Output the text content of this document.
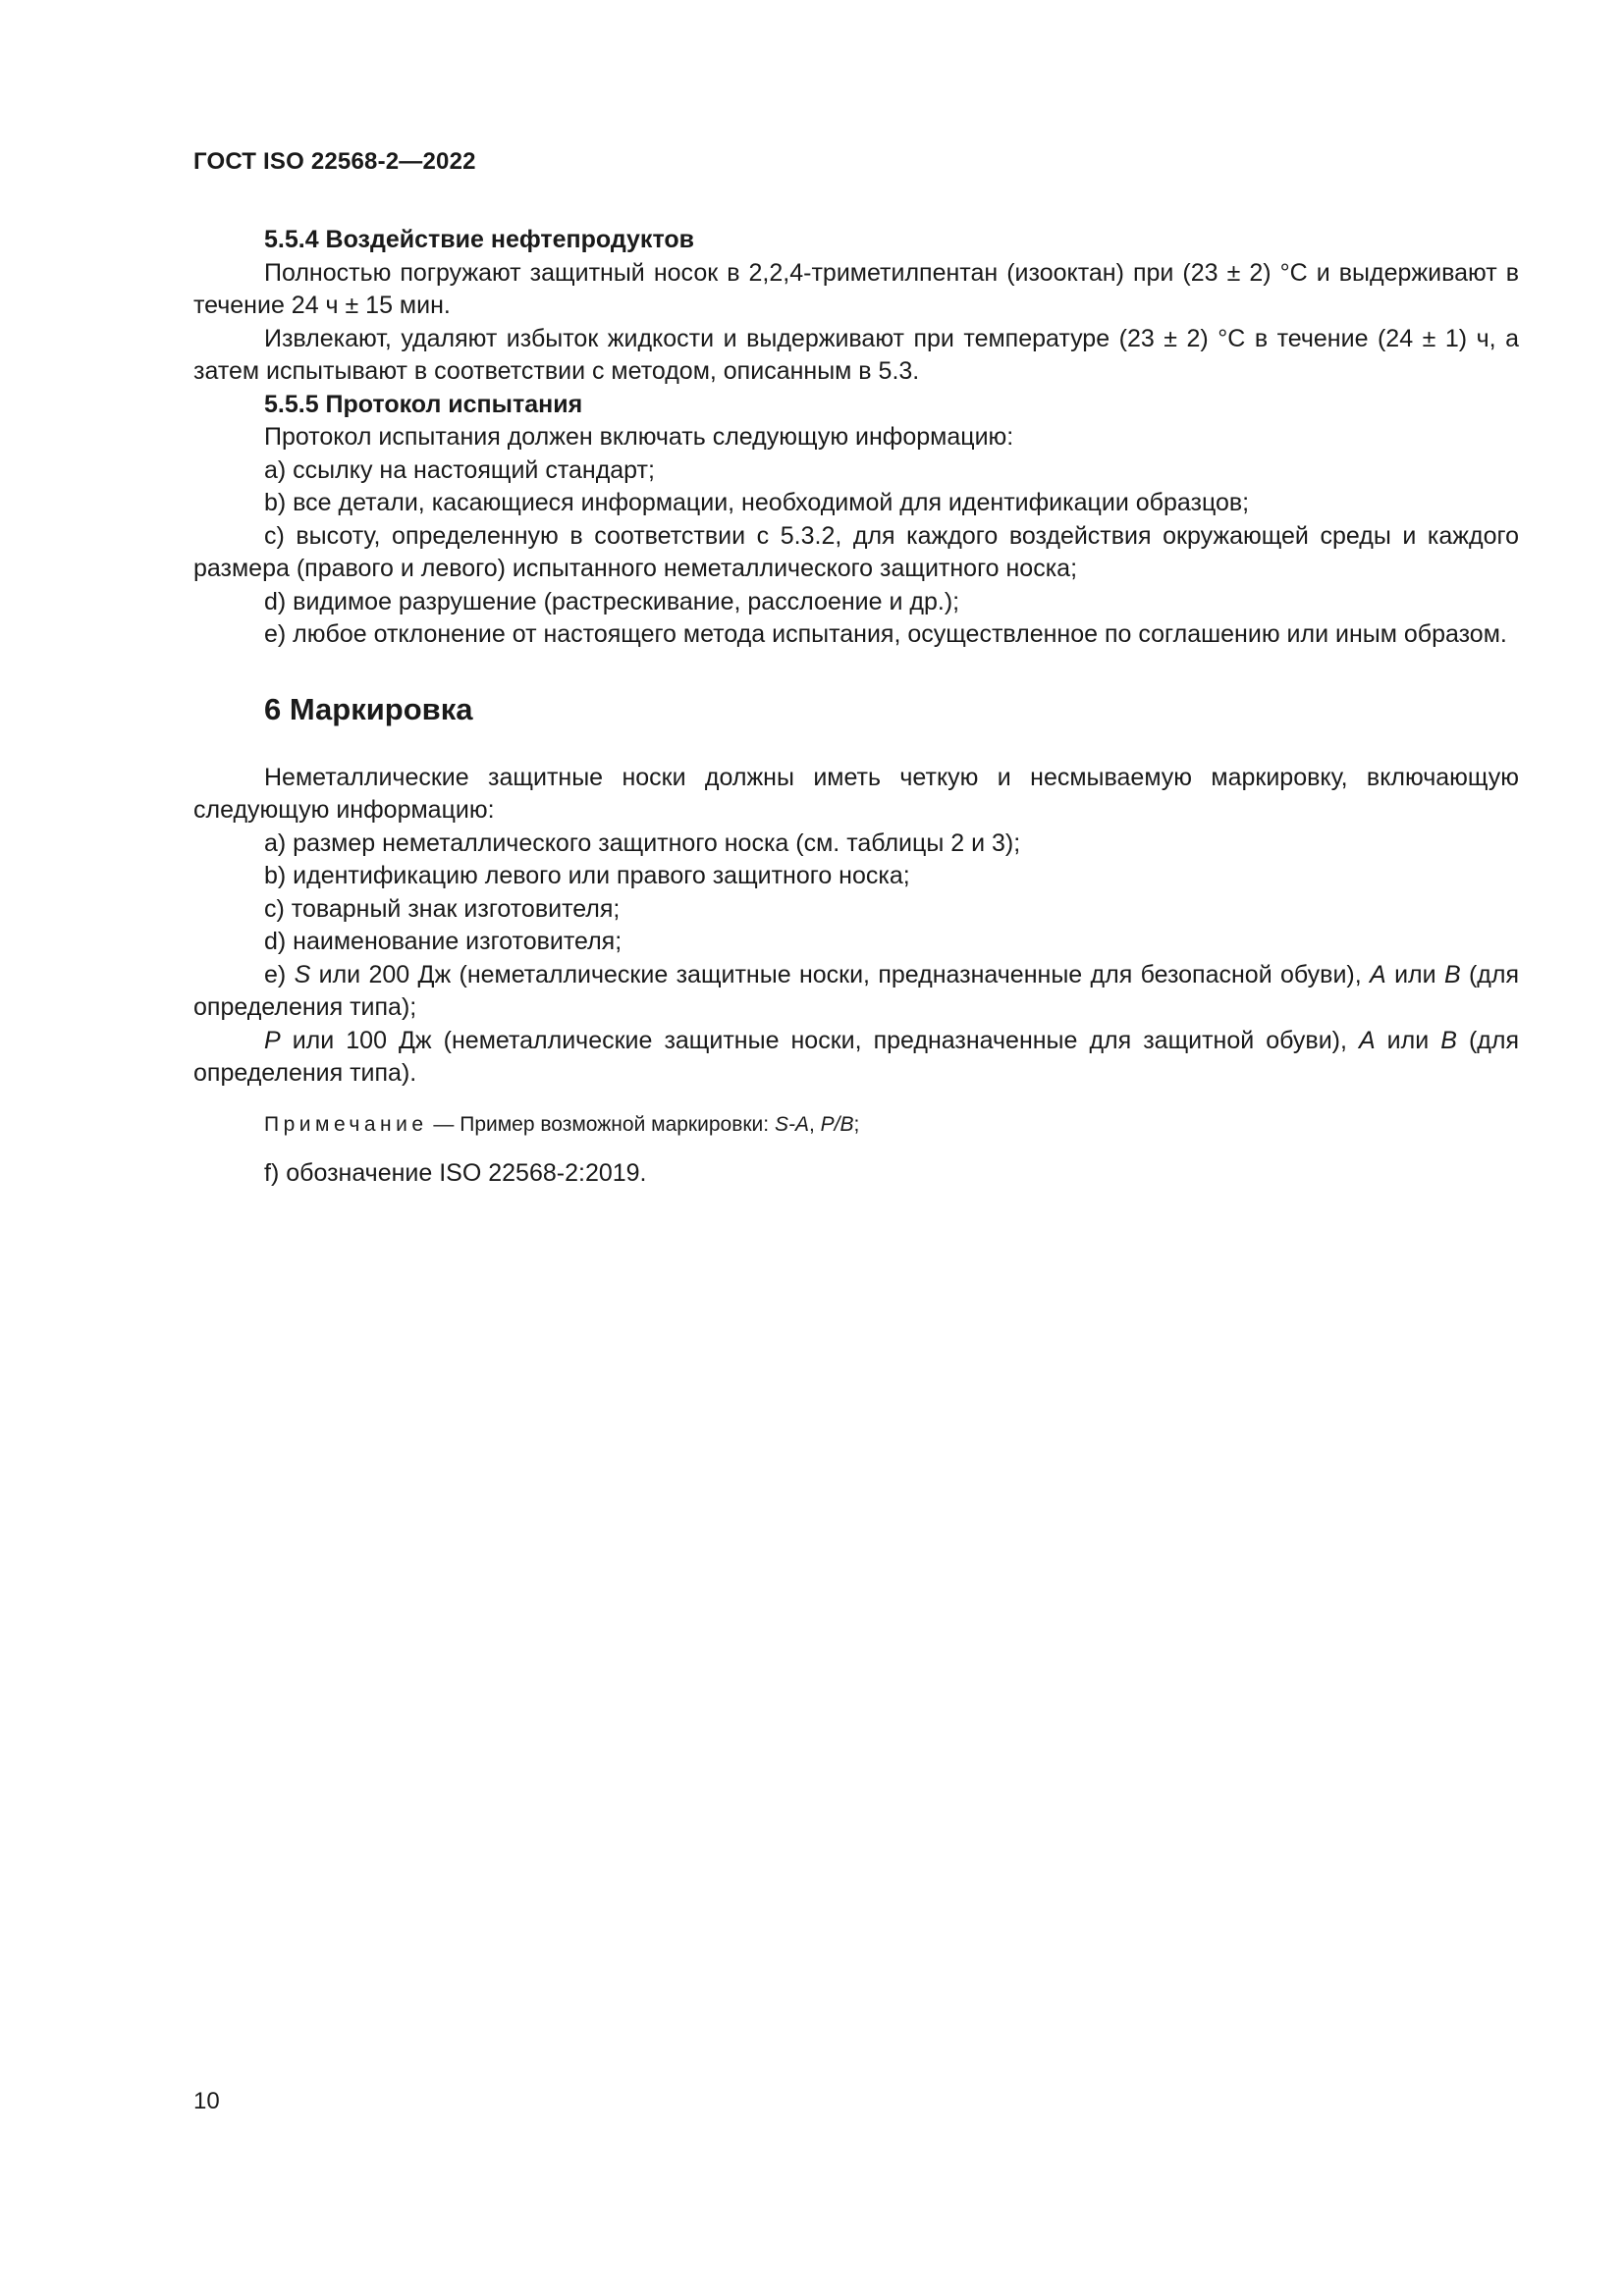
ГОСТ ISO 22568-2—2022

5.5.4 Воздействие нефтепродуктов

Полностью погружают защитный носок в 2,2,4-триметилпентан (изооктан) при (23 ± 2) °С и выдерживают в течение 24 ч ± 15 мин.

Извлекают, удаляют избыток жидкости и выдерживают при температуре (23 ± 2) °С в течение (24 ± 1) ч, а затем испытывают в соответствии с методом, описанным в 5.3.

5.5.5 Протокол испытания

Протокол испытания должен включать следующую информацию:

a) ссылку на настоящий стандарт;

b) все детали, касающиеся информации, необходимой для идентификации образцов;

c) высоту, определенную в соответствии с 5.3.2, для каждого воздействия окружающей среды и каждого размера (правого и левого) испытанного неметаллического защитного носка;

d) видимое разрушение (растрескивание, расслоение и др.);

e) любое отклонение от настоящего метода испытания, осуществленное по соглашению или иным образом.

6 Маркировка

Неметаллические защитные носки должны иметь четкую и несмываемую маркировку, включающую следующую информацию:

a) размер неметаллического защитного носка (см. таблицы 2 и 3);

b) идентификацию левого или правого защитного носка;

c) товарный знак изготовителя;

d) наименование изготовителя;

e) S или 200 Дж (неметаллические защитные носки, предназначенные для безопасной обуви), A или B (для определения типа);

P или 100 Дж (неметаллические защитные носки, предназначенные для защитной обуви), A или B (для определения типа).

Примечание — Пример возможной маркировки: S-A, P/B;

f) обозначение ISO 22568-2:2019.

10
